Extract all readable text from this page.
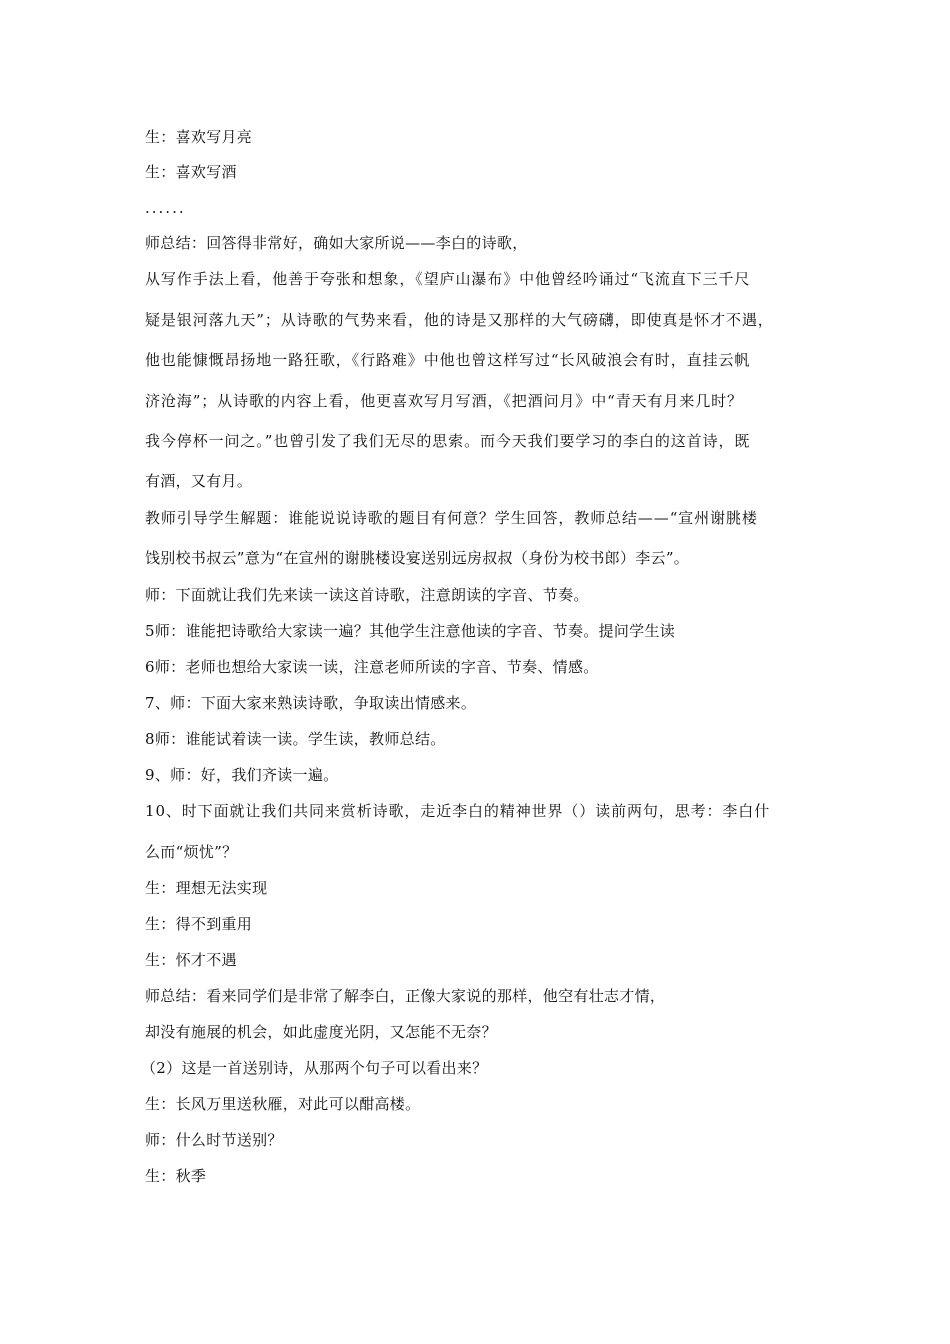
生：喜欢写月亮
生：喜欢写酒
......
师总结：回答得非常好，确如大家所说——李白的诗歌，
从写作手法上看，他善于夸张和想象，《望庐山瀑布》中他曾经吟诵过“飞流直下三千尺
疑是银河落九天”；从诗歌的气势来看，他的诗是又那样的大气磅礴，即使真是怀才不遇，
他也能慷慨昂扬地一路狂歌，《行路难》中他也曾这样写过“长风破浪会有时，直挂云帆
济沧海”；从诗歌的内容上看，他更喜欢写月写酒，《把酒问月》中“青天有月来几时？
我今停杯一问之。”也曾引发了我们无尽的思索。而今天我们要学习的李白的这首诗，既
有酒，又有月。
教师引导学生解题：谁能说说诗歌的题目有何意？学生回答，教师总结——“宣州谢朓楼
饯别校书叔云”意为“在宣州的谢朓楼设宴送别远房叔叔（身份为校书郎）李云”。
师：下面就让我们先来读一读这首诗歌，注意朗读的字音、节奏。
5师：谁能把诗歌给大家读一遍？其他学生注意他读的字音、节奏。提问学生读
6师：老师也想给大家读一读，注意老师所读的字音、节奏、情感。
7、师：下面大家来熟读诗歌，争取读出情感来。
8师：谁能试着读一读。学生读，教师总结。
9、师：好，我们齐读一遍。
10、时下面就让我们共同来赏析诗歌，走近李白的精神世界（）读前两句，思考：李白什
么而“烦忧”？
生：理想无法实现
生：得不到重用
生：怀才不遇
师总结：看来同学们是非常了解李白，正像大家说的那样，他空有壮志才情，
却没有施展的机会，如此虚度光阴，又怎能不无奈？
（2）这是一首送别诗，从那两个句子可以看出来？
生：长风万里送秋雁，对此可以酣高楼。
师：什么时节送别？
生：秋季
